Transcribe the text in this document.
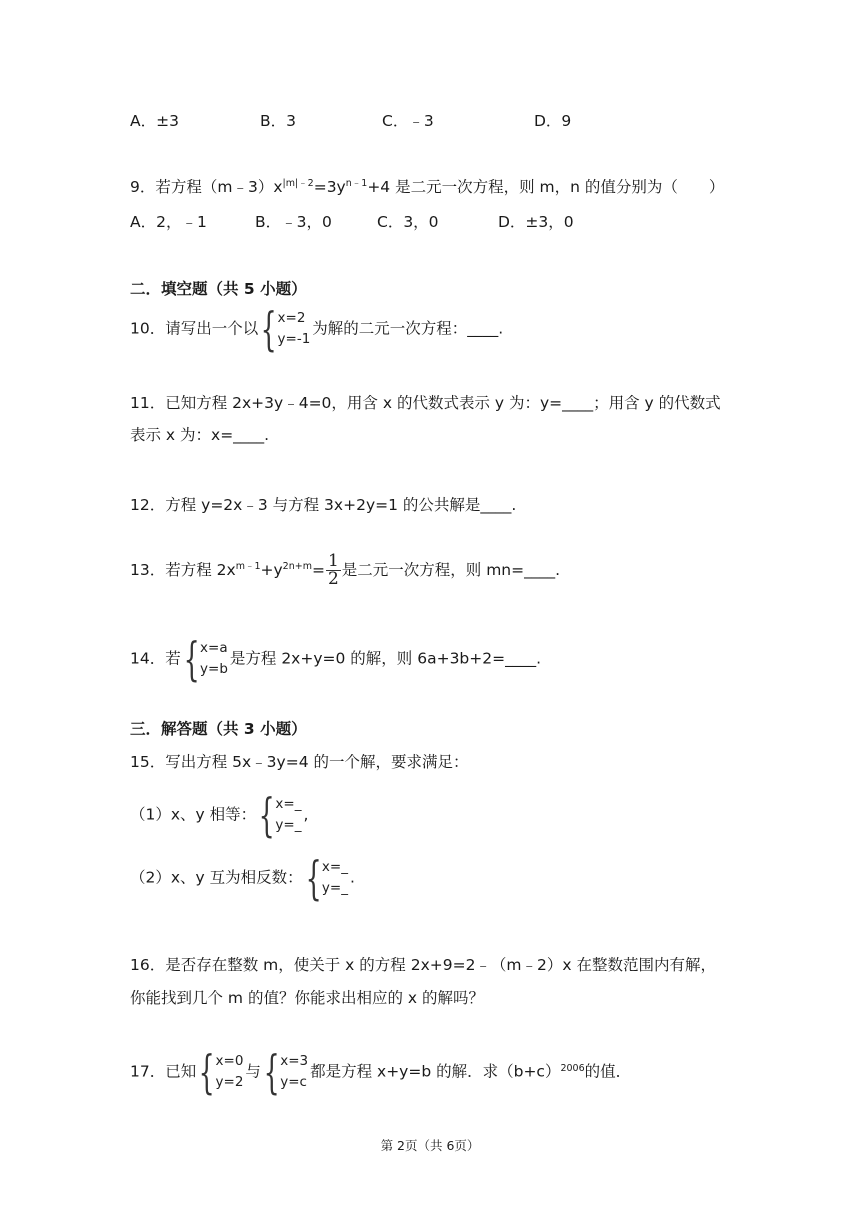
A．±3	B．3	C．﹣3	D．9
9．若方程$(m﹣3)x^{|m|﹣2}=3y^{n﹣1}+4$ 是二元一次方程，则 m，n 的值分别为（　　）
A．2，﹣1	B．﹣3，0	C．3，0	D．±3，0
二．填空题（共 5 小题）
10．请写出一个以{x=2
y=-1为解的二元一次方程：____.
11．已知方程 2x+3y﹣4=0，用含 x 的代数式表示 y 为：y=____；用含 y 的代数式
表示 x 为：x=____.
12．方程 y=2x﹣3 与方程 3x+2y=1 的公共解是____.
13．若方程 $2x^{m﹣1}+y^{2n+m}= \frac{1}{2}$ 是二元一次方程，则 mn=____.
14．若{x=a
y=b是方程 2x+y=0 的解，则 6a+3b+2=____.
三．解答题（共 3 小题）
15．写出方程 5x﹣3y=4 的一个解，要求满足：
（1）x、y 相等：{x=_
y=_,
（2）x、y 互为相反数：{x=_
y=_.
16．是否存在整数 m，使关于 x 的方程 2x+9=2﹣（m﹣2）x 在整数范围内有解，
你能找到几个 m 的值？你能求出相应的 x 的解吗？
17．已知{x=0
y=2与{x=3
y=c都是方程 x+y=b 的解．求$(b+c)^{2006}$的值．
第 2页（共 6页）
